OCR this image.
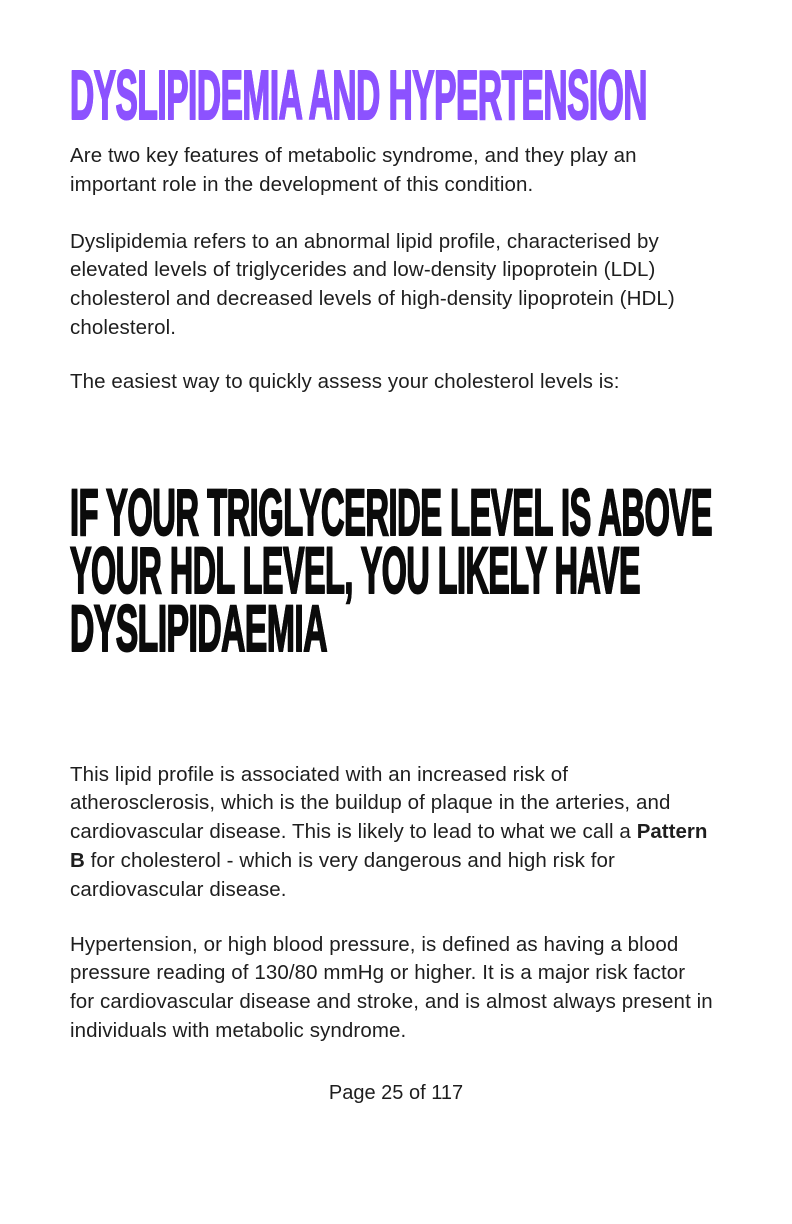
DYSLIPIDEMIA AND HYPERTENSION

Are two key features of metabolic syndrome, and they play an important role in the development of this condition.

Dyslipidemia refers to an abnormal lipid profile, characterised by elevated levels of triglycerides and low-density lipoprotein (LDL) cholesterol and decreased levels of high-density lipoprotein (HDL) cholesterol.

The easiest way to quickly assess your cholesterol levels is:

IF YOUR TRIGLYCERIDE LEVEL IS ABOVE
YOUR HDL LEVEL, YOU LIKELY HAVE
DYSLIPIDAEMIA

This lipid profile is associated with an increased risk of atherosclerosis, which is the buildup of plaque in the arteries, and cardiovascular disease. This is likely to lead to what we call a Pattern B for cholesterol - which is very dangerous and high risk for cardiovascular disease.

Hypertension, or high blood pressure, is defined as having a blood pressure reading of 130/80 mmHg or higher. It is a major risk factor for cardiovascular disease and stroke, and is almost always present in individuals with metabolic syndrome.

Page 25 of 117
